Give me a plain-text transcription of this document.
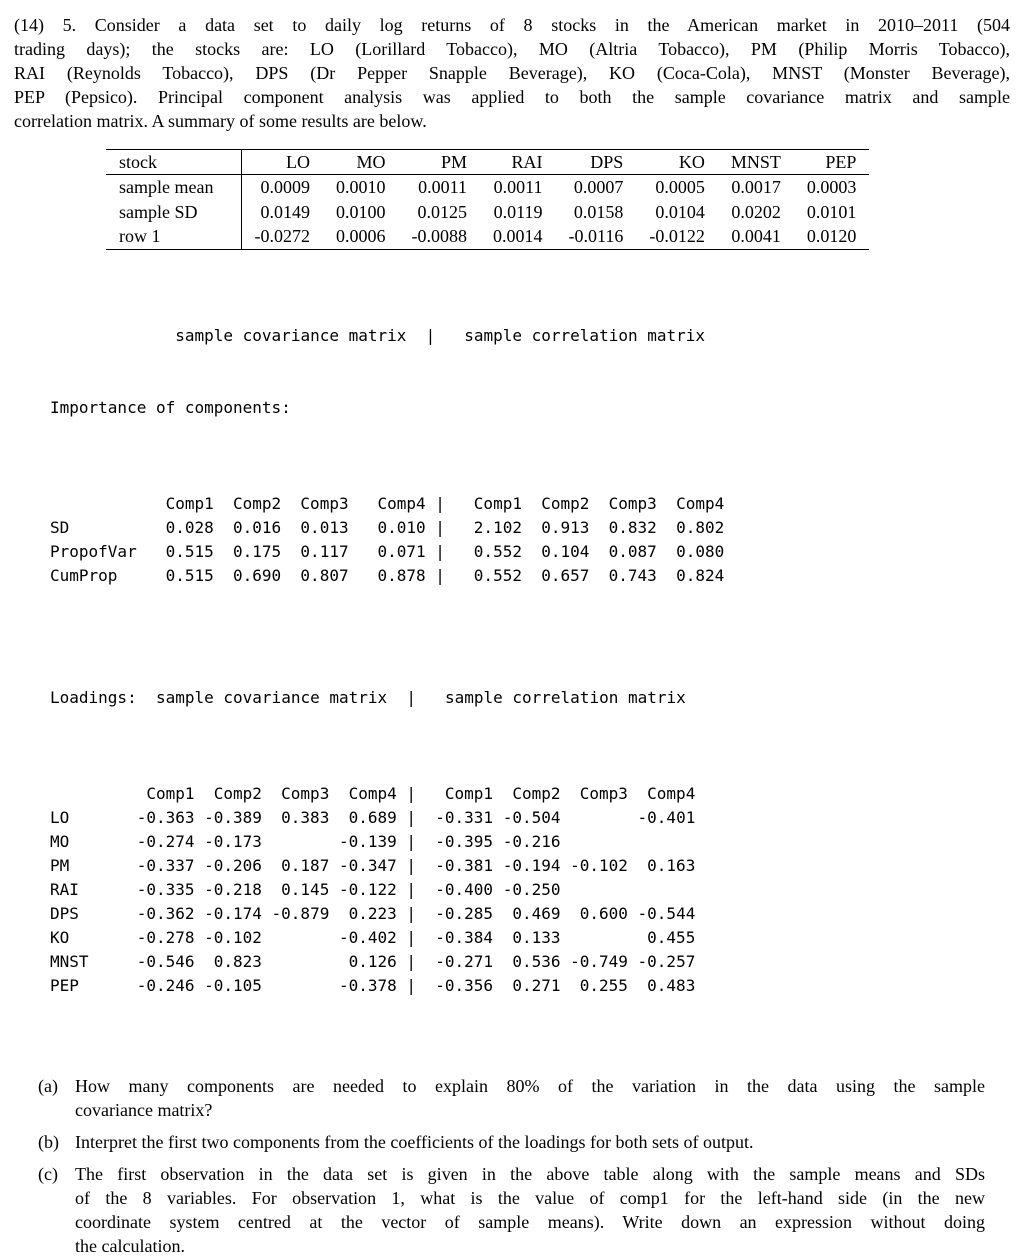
(14) 5. Consider a data set to daily log returns of 8 stocks in the American market in 2010–2011 (504
trading days); the stocks are: LO (Lorillard Tobacco), MO (Altria Tobacco), PM (Philip Morris Tobacco),
RAI (Reynolds Tobacco), DPS (Dr Pepper Snapple Beverage), KO (Coca-Cola), MNST (Monster Beverage),
PEP (Pepsico). Principal component analysis was applied to both the sample covariance matrix and sample
correlation matrix. A summary of some results are below.
stock	LO	MO	PM	RAI	DPS	KO	MNST	PEP
sample mean	0.0009	0.0010	0.0011	0.0011	0.0007	0.0005	0.0017	0.0003
sample SD	0.0149	0.0100	0.0125	0.0119	0.0158	0.0104	0.0202	0.0101
row 1	-0.0272	0.0006	-0.0088	0.0014	-0.0116	-0.0122	0.0041	0.0120

sample covariance matrix  |   sample correlation matrix

Importance of components:

	Comp1	Comp2	Comp3	Comp4	|	Comp1	Comp2	Comp3	Comp4
SD	0.028	0.016	0.013	0.010	|	2.102	0.913	0.832	0.802
PropofVar	0.515	0.175	0.117	0.071	|	0.552	0.104	0.087	0.080
CumProp	0.515	0.690	0.807	0.878	|	0.552	0.657	0.743	0.824

Loadings:  sample covariance matrix  |   sample correlation matrix

	Comp1	Comp2	Comp3	Comp4	|	Comp1	Comp2	Comp3	Comp4
LO	-0.363	-0.389	0.383	0.689	|	-0.331	-0.504		-0.401
MO	-0.274	-0.173		-0.139	|	-0.395	-0.216		
PM	-0.337	-0.206	0.187	-0.347	|	-0.381	-0.194	-0.102	0.163
RAI	-0.335	-0.218	0.145	-0.122	|	-0.400	-0.250		
DPS	-0.362	-0.174	-0.879	0.223	|	-0.285	0.469	0.600	-0.544
KO	-0.278	-0.102		-0.402	|	-0.384	0.133		0.455
MNST	-0.546	0.823		0.126	|	-0.271	0.536	-0.749	-0.257
PEP	-0.246	-0.105		-0.378	|	-0.356	0.271	0.255	0.483

(a) How many components are needed to explain 80% of the variation in the data using the sample
covariance matrix?
(b) Interpret the first two components from the coefficients of the loadings for both sets of output.
(c) The first observation in the data set is given in the above table along with the sample means and SDs
of the 8 variables. For observation 1, what is the value of comp1 for the left-hand side (in the new
coordinate system centred at the vector of sample means). Write down an expression without doing
the calculation.
